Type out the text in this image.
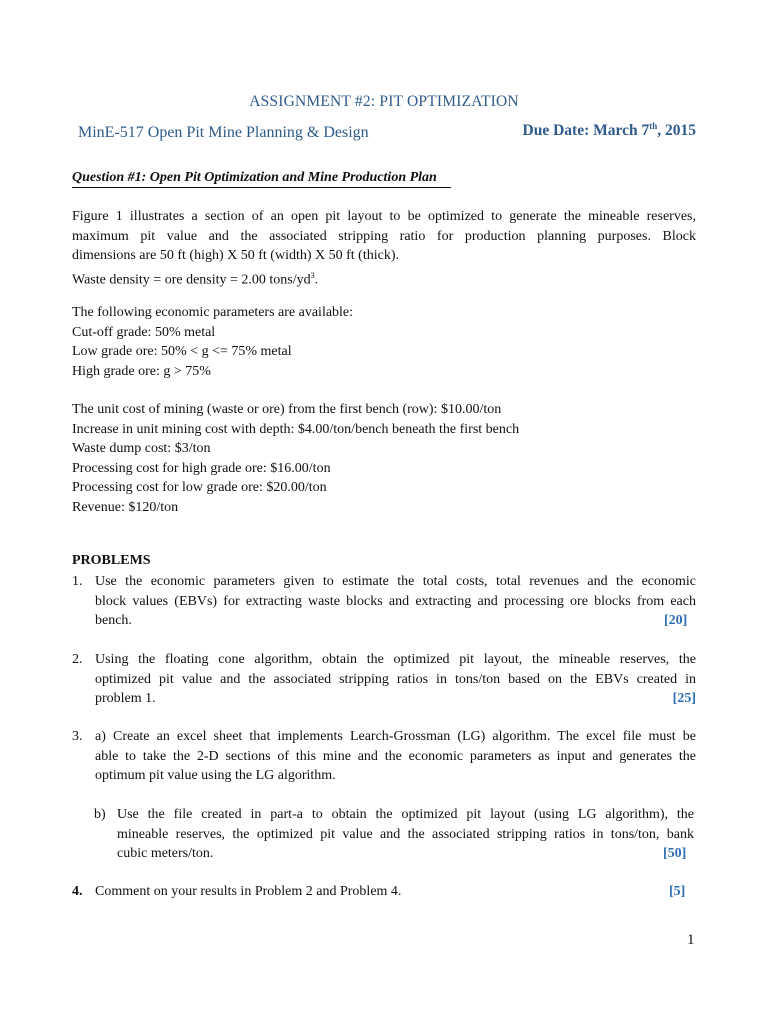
ASSIGNMENT #2: PIT OPTIMIZATION
MinE-517 Open Pit Mine Planning & Design	Due Date: March 7th, 2015
Question #1: Open Pit Optimization and Mine Production Plan
Figure 1 illustrates a section of an open pit layout to be optimized to generate the mineable reserves,
maximum pit value and the associated stripping ratio for production planning purposes. Block
dimensions are 50 ft (high) X 50 ft (width) X 50 ft (thick).
Waste density = ore density = 2.00 tons/$yd^3$.
The following economic parameters are available:
Cut-off grade: 50% metal
Low grade ore: 50% < g <= 75% metal
High grade ore: g > 75%
The unit cost of mining (waste or ore) from the first bench (row): $10.00/ton
Increase in unit mining cost with depth: $4.00/ton/bench beneath the first bench
Waste dump cost: $3/ton
Processing cost for high grade ore: $16.00/ton
Processing cost for low grade ore: $20.00/ton
Revenue: $120/ton
PROBLEMS
1. Use the economic parameters given to estimate the total costs, total revenues and the economic
block values (EBVs) for extracting waste blocks and extracting and processing ore blocks from each
bench.	[20]
2. Using the floating cone algorithm, obtain the optimized pit layout, the mineable reserves, the
optimized pit value and the associated stripping ratios in tons/ton based on the EBVs created in
problem 1.	[25]
3. a) Create an excel sheet that implements Learch-Grossman (LG) algorithm. The excel file must be
able to take the 2-D sections of this mine and the economic parameters as input and generates the
optimum pit value using the LG algorithm.
b) Use the file created in part-a to obtain the optimized pit layout (using LG algorithm), the
mineable reserves, the optimized pit value and the associated stripping ratios in tons/ton, bank
cubic meters/ton.	[50]
4. Comment on your results in Problem 2 and Problem 4.	[5]
1
